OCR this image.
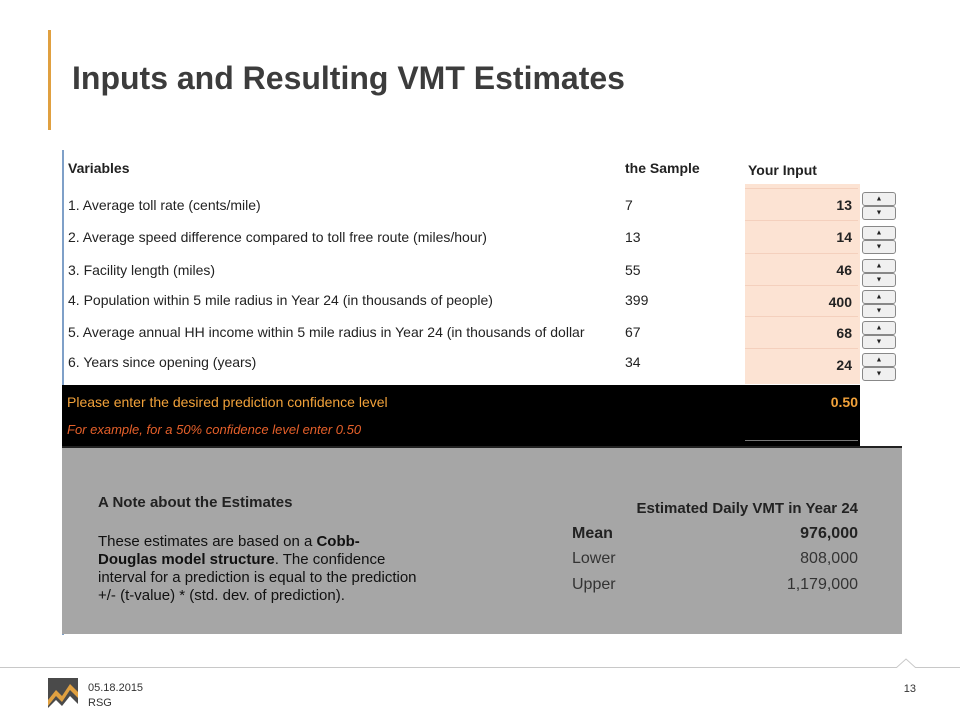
Inputs and Resulting VMT Estimates
Variables	the Sample	Your Input
1. Average toll rate (cents/mile)	7	13	▲
▼
2. Average speed difference compared to toll free route (miles/hour)	13	14	▲
▼
3. Facility length (miles)	55	46	▲
▼
4. Population within 5 mile radius in Year 24 (in thousands of people)	399	400	▲
▼
5. Average annual HH income within 5 mile radius in Year 24 (in thousands of dollar	67	68	▲
▼
6. Years since opening (years)	34	24	▲
▼
Please enter the desired prediction confidence level
For example, for a 50% confidence level enter 0.50
0.50
A Note about the Estimates
These estimates are based on a Cobb-Douglas model structure. The confidence interval for a prediction is equal to the prediction +/- (t-value) * (std. dev. of prediction).
Estimated Daily VMT in Year 24
Mean	976,000
Lower	808,000
Upper	1,179,000
05.18.2015
RSG
13
